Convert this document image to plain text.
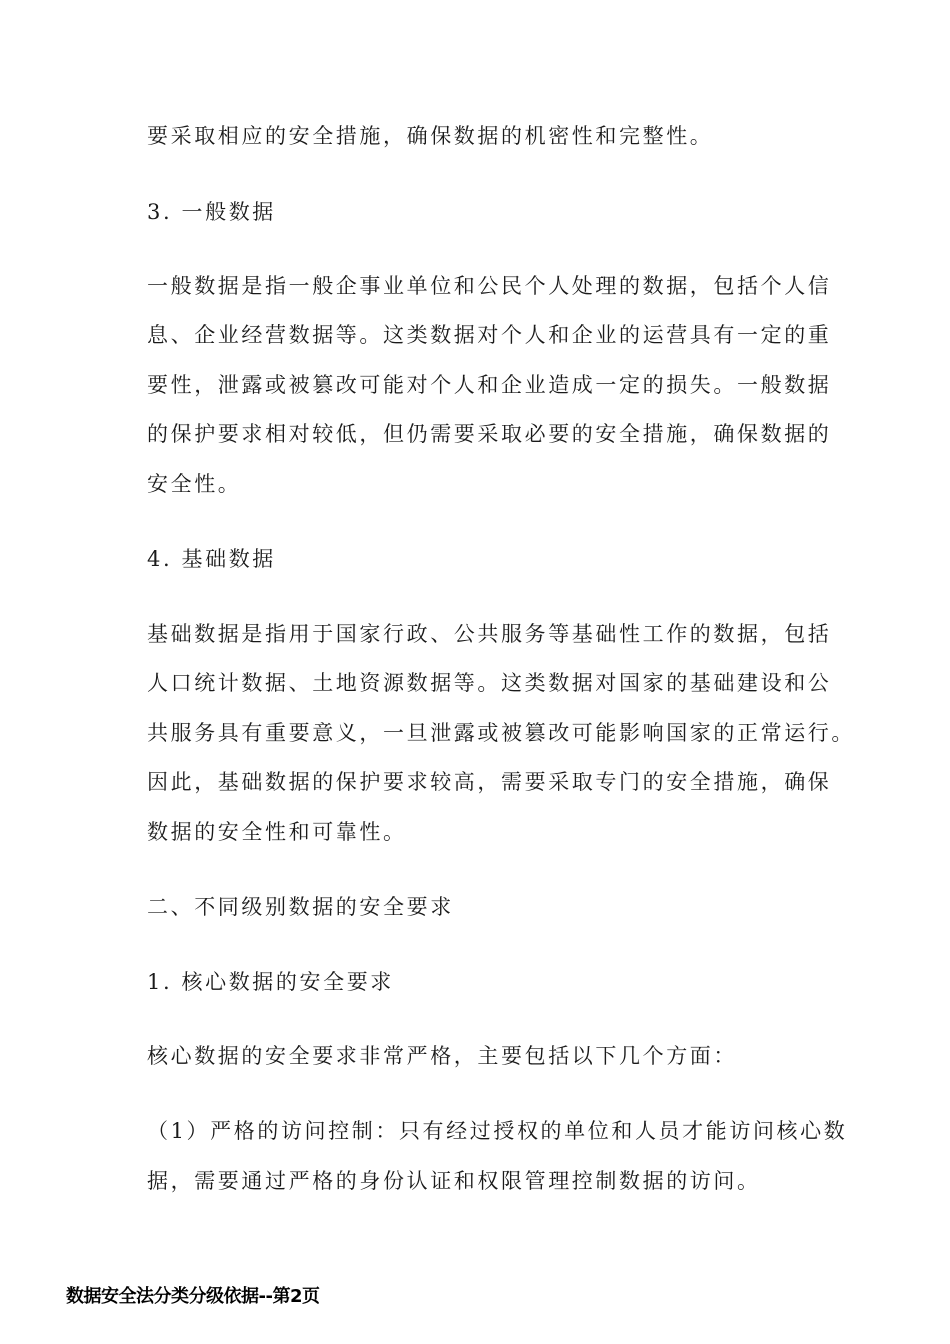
要采取相应的安全措施，确保数据的机密性和完整性。
3. 一般数据
一般数据是指一般企事业单位和公民个人处理的数据，包括个人信
息、企业经营数据等。这类数据对个人和企业的运营具有一定的重
要性，泄露或被篡改可能对个人和企业造成一定的损失。一般数据
的保护要求相对较低，但仍需要采取必要的安全措施，确保数据的
安全性。
4. 基础数据
基础数据是指用于国家行政、公共服务等基础性工作的数据，包括
人口统计数据、土地资源数据等。这类数据对国家的基础建设和公
共服务具有重要意义，一旦泄露或被篡改可能影响国家的正常运行。
因此，基础数据的保护要求较高，需要采取专门的安全措施，确保
数据的安全性和可靠性。
二、不同级别数据的安全要求
1. 核心数据的安全要求
核心数据的安全要求非常严格，主要包括以下几个方面：
（1）严格的访问控制：只有经过授权的单位和人员才能访问核心数
据，需要通过严格的身份认证和权限管理控制数据的访问。
数据安全法分类分级依据--第2页
